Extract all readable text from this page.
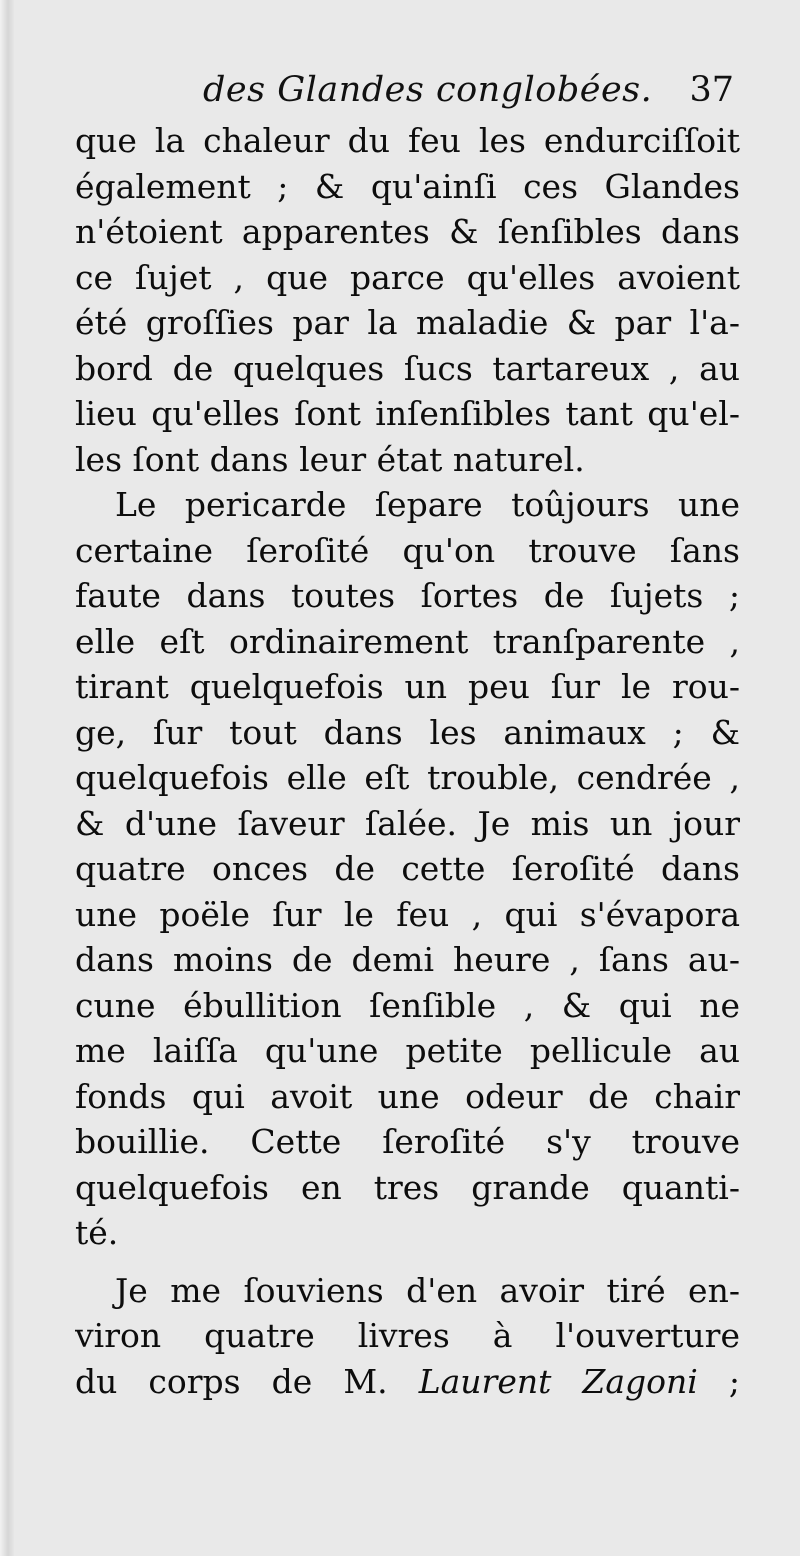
des Glandes conglobées. 37
que la chaleur du feu les endurciſſoit
également ; & qu'ainſi ces Glandes
n'étoient apparentes & ſenſibles dans
ce ſujet , que parce qu'elles avoient
été groſſies par la maladie & par l'a-
bord de quelques ſucs tartareux , au
lieu qu'elles ſont inſenſibles tant qu'el-
les ſont dans leur état naturel.
Le pericarde ſepare toûjours une
certaine ſeroſité qu'on trouve ſans
faute dans toutes ſortes de ſujets ;
elle eſt ordinairement tranſparente ,
tirant quelquefois un peu ſur le rou-
ge, ſur tout dans les animaux ; &
quelquefois elle eſt trouble, cendrée ,
& d'une ſaveur ſalée. Je mis un jour
quatre onces de cette ſeroſité dans
une poële ſur le feu , qui s'évapora
dans moins de demi heure , ſans au-
cune ébullition ſenſible , & qui ne
me laiſſa qu'une petite pellicule au
fonds qui avoit une odeur de chair
bouillie. Cette ſeroſité s'y trouve
quelquefois en tres grande quanti-
té.
Je me ſouviens d'en avoir tiré en-
viron quatre livres à l'ouverture
du corps de M. Laurent Zagoni ;
